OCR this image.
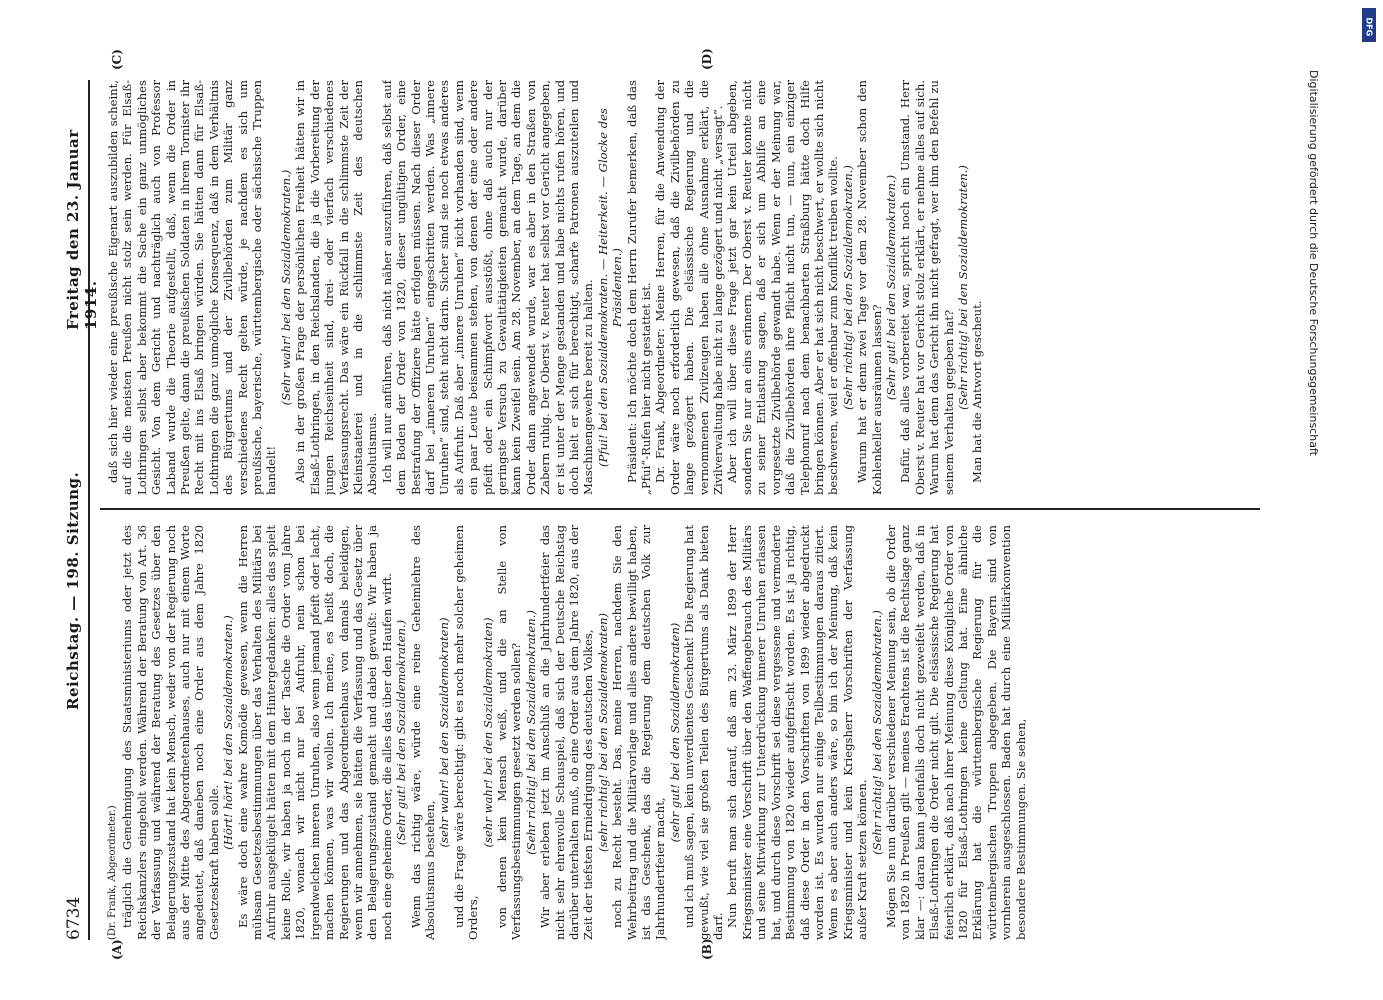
6734
Reichstag. — 198. Sitzung.
Freitag den 23. Januar 1914.
(A)	(B)
(C)	(D)

(Dr. Frank, Abgeordneter.) träglich die Genehmigung des Staatsministeriums oder jetzt des Reichskanzlers eingeholt werden. Während der Beratung von Art. 36 der Verfassung und während der Beratung des Gesetzes über den Belagerungszustand hat kein Mensch, weder von der Regierung noch aus der Mitte des Abgeordnetenhauses, auch nur mit einem Worte angedeutet, daß daneben noch eine Order aus dem Jahre 1820 Gesetzeskraft haben solle.

(Hört! hört! bei den Sozialdemokraten.) Es wäre doch eine wahre Komödie gewesen, wenn die Herren mühsam Gesetzesbestimmungen über das Verhalten des Militärs bei Aufruhr ausgeklügelt hätten mit dem Hintergedanken: alles das spielt keine Rolle, wir haben ja noch in der Tasche die Order vom Jahre 1820, wonach wir nicht nur bei Aufruhr, nein schon bei irgendwelchen inneren Unruhen, also wenn jemand pfeift oder lacht, machen können, was wir wollen. Ich meine, es heißt doch, die Regierungen und das Abgeordnetenhaus von damals beleidigen, wenn wir annehmen, sie hätten die Verfassung und das Gesetz über den Belagerungszustand gemacht und dabei gewußt: Wir haben ja noch eine geheime Order, die alles das über den Haufen wirft. (Sehr gut! bei den Sozialdemokraten.) Wenn das richtig wäre, würde eine reine Geheimlehre des Absolutismus bestehen,

(sehr wahr! bei den Sozialdemokraten) und die Frage wäre berechtigt: gibt es noch mehr solcher geheimen Orders,

(sehr wahr! bei den Sozialdemokraten) von denen kein Mensch weiß, und die an Stelle von Verfassungsbestimmungen gesetzt werden sollen? (Sehr richtig! bei den Sozialdemokraten.) Wir aber erleben jetzt im Anschluß an die Jahrhundertfeier das nicht sehr ehrenvolle Schauspiel, daß sich der Deutsche Reichstag darüber unterhalten muß, ob eine Order aus dem Jahre 1820, aus der Zeit der tiefsten Erniedrigung des deutschen Volkes, (sehr richtig! bei den Sozialdemokraten) noch zu Recht besteht. Das, meine Herren, nachdem Sie den Wehrbeitrag und die Militärvorlage und alles andere bewilligt haben, ist das Geschenk, das die Regierung dem deutschen Volk zur Jahrhundertfeier macht,

(sehr gut! bei den Sozialdemokraten) und ich muß sagen, kein unverdientes Geschenk! Die Regierung hat gewußt, wie viel sie großen Teilen des Bürgertums als Dank bieten darf. Nun beruft man sich darauf, daß am 23. März 1899 der Herr Kriegsminister eine Vorschrift über den Waffengebrauch des Militärs und seine Mitwirkung zur Unterdrückung innerer Unruhen erlassen hat, und durch diese Vorschrift sei diese vergessene und vermoderte Bestimmung von 1820 wieder aufgefrischt worden. Es ist ja richtig, daß diese Order in den Vorschriften von 1899 wieder abgedruckt worden ist. Es wurden nur einige Teilbestimmungen daraus zitiert. Wenn es aber auch anders wäre, so bin ich der Meinung, daß kein Kriegsminister und kein Kriegsherr Vorschriften der Verfassung außer Kraft setzen können.

(Sehr richtig! bei den Sozialdemokraten.) Mögen Sie nun darüber verschiedener Meinung sein, ob die Order von 1820 in Preußen gilt — meines Erachtens ist die Rechtslage ganz klar —: daran kann jedenfalls doch nicht gezweifelt werden, daß in Elsaß-Lothringen die Order nicht gilt. Die elsässische Regierung hat feierlich erklärt, daß nach ihrer Meinung diese Königliche Order von 1820 für Elsaß-Lothringen keine Geltung hat. Eine ähnliche Erklärung hat die württembergische Regierung für die württembergischen Truppen abgegeben. Die Bayern sind von vornherein ausgeschlossen. Baden hat durch eine Militärkonvention besondere Bestimmungen. Sie sehen,

daß sich hier wieder eine preußische Eigenart auszubilden scheint, auf die die meisten Preußen nicht stolz sein werden. Für Elsaß-Lothringen selbst aber bekommt die Sache ein ganz unmögliches Gesicht. Von dem Gericht und nachträglich auch von Professor Laband wurde die Theorie aufgestellt, daß, wenn die Order in Preußen gelte, dann die preußischen Soldaten in ihrem Tornister ihr Recht mit ins Elsaß bringen würden. Sie hätten dann für Elsaß-Lothringen die ganz unmögliche Konsequenz, daß in dem Verhältnis des Bürgertums und der Zivilbehörden zum Militär ganz verschiedenes Recht gelten würde, je nachdem es sich um preußische, bayerische, württembergische oder sächsische Truppen handelt!

(Sehr wahr! bei den Sozialdemokraten.) Also in der großen Frage der persönlichen Freiheit hätten wir in Elsaß-Lothringen, in den Reichslanden, die ja die Vorbereitung der jungen Reichseinheit sind, drei- oder vierfach verschiedenes Verfassungsrecht. Das wäre ein Rückfall in die schlimmste Zeit der Kleinstaaterei und in die schlimmste Zeit des deutschen Absolutismus. Ich will nur anführen, daß nicht näher auszuführen, daß selbst auf dem Boden der Order von 1820, dieser ungültigen Order, eine Bestrafung der Offiziere hätte erfolgen müssen. Nach dieser Order darf bei „inneren Unruhen“ eingeschritten werden. Was „innere Unruhen“ sind, steht nicht darin. Sicher sind sie noch etwas anderes als Aufruhr. Daß aber „innere Unruhen“ nicht vorhanden sind, wenn ein paar Leute beisammen stehen, von denen der eine oder andere pfeift oder ein Schimpfwort ausstößt, ohne daß auch nur der geringste Versuch zu Gewalttätigkeiten gemacht wurde, darüber kann kein Zweifel sein. Am 28. November, an dem Tage, an dem die Order dann angewendet wurde, war es aber in den Straßen von Zabern ruhig. Der Oberst v. Reuter hat selbst vor Gericht angegeben, er ist unter der Menge gestanden und habe nichts rufen hören, und doch hielt er sich für berechtigt, scharfe Patronen auszuteilen und Maschinengewehre bereit zu halten. (Pfui! bei den Sozialdemokraten. — Heiterkeit. — Glocke des Präsidenten.) Präsident: Ich möchte doch dem Herrn Zurufer bemerken, daß das „Pfui“-Rufen hier nicht gestattet ist. Dr. Frank, Abgeordneter: Meine Herren, für die Anwendung der Order wäre noch erforderlich gewesen, daß die Zivilbehörden zu lange gezögert haben. Die elsässische Regierung und die vernommenen Zivilzeugen haben alle ohne Ausnahme erklärt, die Zivilverwaltung habe nicht zu lange gezögert und nicht „versagt“. Aber ich will über diese Frage jetzt gar kein Urteil abgeben, sondern Sie nur an eins erinnern. Der Oberst v. Reuter konnte nicht zu seiner Entlastung sagen, daß er sich um Abhilfe an eine vorgesetzte Zivilbehörde gewandt habe. Wenn er der Meinung war, daß die Zivilbehörden ihre Pflicht nicht tun, — nun, ein einziger Telephonruf nach dem benachbarten Straßburg hätte doch Hilfe bringen können. Aber er hat sich nicht beschwert, er wollte sich nicht beschweren, weil er offenbar zum Konflikt treiben wollte. (Sehr richtig! bei den Sozialdemokraten.) Warum hat er denn zwei Tage vor dem 28. November schon den Kohlenkeller ausräumen lassen? (Sehr gut! bei den Sozialdemokraten.) Dafür, daß alles vorbereitet war, spricht noch ein Umstand. Herr Oberst v. Reuter hat vor Gericht stolz erklärt, er nehme alles auf sich. Warum hat denn das Gericht ihn nicht gefragt, wer ihm den Befehl zu seinem Verhalten gegeben hat? (Sehr richtig! bei den Sozialdemokraten.) Man hat die Antwort gescheut.	Digitalisierung gefördert durch die Deutsche Forschungsgemeinschaft
DFG
